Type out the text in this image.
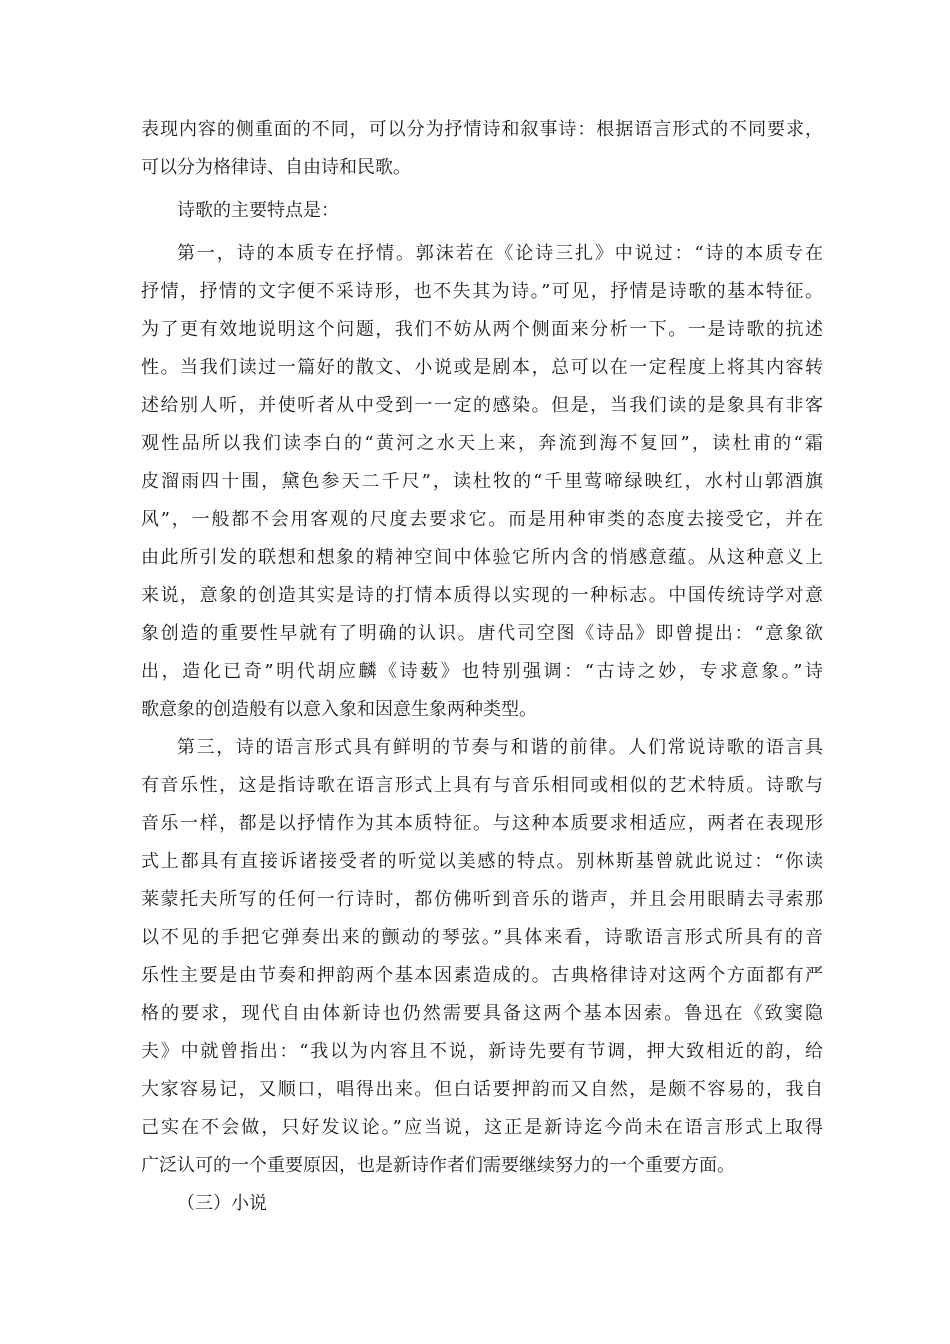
表现内容的侧重面的不同，可以分为抒情诗和叙事诗：根据语言形式的不同要求，
可以分为格律诗、自由诗和民歌。
诗歌的主要特点是：
第一，诗的本质专在抒情。郭沫若在《论诗三扎》中说过：“诗的本质专在
抒情，抒情的文字便不采诗形，也不失其为诗。”可见，抒情是诗歌的基本特征。
为了更有效地说明这个问题，我们不妨从两个侧面来分析一下。一是诗歌的抗述
性。当我们读过一篇好的散文、小说或是剧本，总可以在一定程度上将其内容转
述给别人听，并使听者从中受到一一定的感染。但是，当我们读的是象具有非客
观性品所以我们读李白的“黄河之水天上来，奔流到海不复回”，读杜甫的“霜
皮溜雨四十围，黛色参天二千尺”，读杜牧的“千里莺啼绿映红，水村山郭酒旗
风”，一般都不会用客观的尺度去要求它。而是用种审类的态度去接受它，并在
由此所引发的联想和想象的精神空间中体验它所内含的悄感意蕴。从这种意义上
来说，意象的创造其实是诗的打情本质得以实现的一种标志。中国传统诗学对意
象创造的重要性早就有了明确的认识。唐代司空图《诗品》即曾提出：“意象欲
出，造化已奇”明代胡应麟《诗薮》也特别强调：“古诗之妙，专求意象。”诗
歌意象的创造般有以意入象和因意生象两种类型。
第三，诗的语言形式具有鲜明的节奏与和谐的前律。人们常说诗歌的语言具
有音乐性，这是指诗歌在语言形式上具有与音乐相同或相似的艺术特质。诗歌与
音乐一样，都是以抒情作为其本质特征。与这种本质要求相适应，两者在表现形
式上都具有直接诉诸接受者的听觉以美感的特点。别林斯基曾就此说过：“你读
莱蒙托夫所写的任何一行诗时，都仿佛听到音乐的谐声，并且会用眼睛去寻索那
以不见的手把它弹奏出来的颤动的琴弦。”具体来看，诗歌语言形式所具有的音
乐性主要是由节奏和押韵两个基本因素造成的。古典格律诗对这两个方面都有严
格的要求，现代自由体新诗也仍然需要具备这两个基本因索。鲁迅在《致窦隐
夫》中就曾指出：“我以为内容且不说，新诗先要有节调，押大致相近的韵，给
大家容易记，又顺口，唱得出来。但白话要押韵而又自然，是颇不容易的，我自
己实在不会做，只好发议论。”应当说，这正是新诗迄今尚未在语言形式上取得
广泛认可的一个重要原因，也是新诗作者们需要继续努力的一个重要方面。
（三）小说
